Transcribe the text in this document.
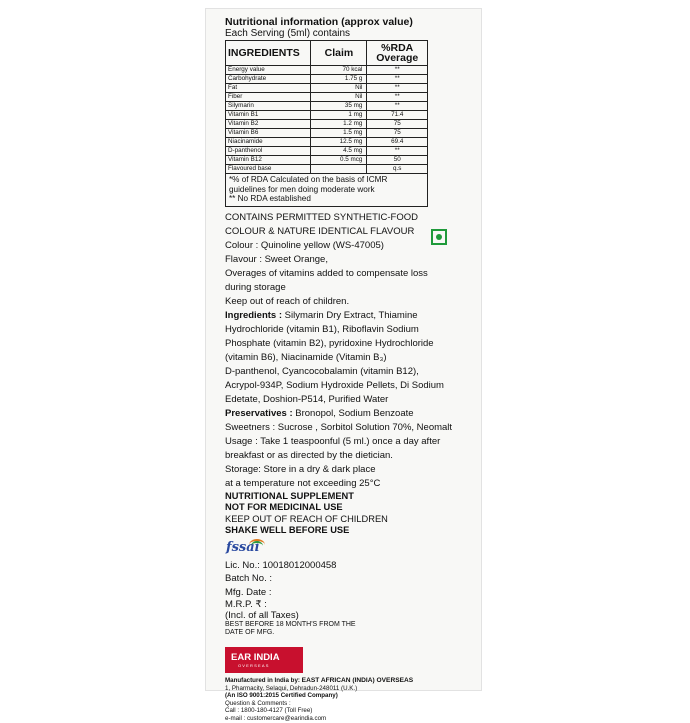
Nutritional information (approx value)
Each Serving (5ml) contains
INGREDIENTS	Claim	%RDA Overage
Energy value	70 kcal	**
Carbohydrate	1.75 g	**
Fat	Nil	**
Fiber	Nil	**
Silymarin	35 mg	**
Vitamin B1	1 mg	71.4
Vitamin B2	1.2 mg	75
Vitamin B6	1.5 mg	75
Niacinamide	12.5 mg	69.4
D-panthenol	4.5 mg	**
Vitamin B12	0.5 mcg	50
Flavoured base		q.s
*% of RDA Calculated on the basis of ICMR
guidelines for men doing moderate work
** No RDA established

CONTAINS PERMITTED SYNTHETIC-FOOD

COLOUR & NATURE IDENTICAL FLAVOUR

Colour : Quinoline yellow (WS-47005)

Flavour : Sweet Orange,

Overages of vitamins added to compensate loss

during storage

Keep out of reach of children.

Ingredients : Silymarin Dry Extract, Thiamine

Hydrochloride (vitamin B1), Riboflavin Sodium

Phosphate (vitamin B2), pyridoxine Hydrochloride

(vitamin B6), Niacinamide (Vitamin B₃)

D-panthenol, Cyancocobalamin (vitamin B12),

Acrypol-934P, Sodium Hydroxide Pellets, Di Sodium

Edetate, Doshion-P514, Purified Water

Preservatives : Bronopol, Sodium Benzoate

Sweetners : Sucrose , Sorbitol Solution 70%, Neomalt

Usage : Take 1 teaspoonful (5 ml.) once a day after

breakfast or as directed by the dietician.

Storage: Store in a dry & dark place

at a temperature not exceeding 25°C

NUTRITIONAL SUPPLEMENT
NOT FOR MEDICINAL USE
KEEP OUT OF REACH OF CHILDREN
SHAKE WELL BEFORE USE
fssai
Lic. No.: 10018012000458
Batch No. :
Mfg. Date :
M.R.P. ₹ :
(Incl. of all Taxes)
BEST BEFORE 18 MONTH'S FROM THE
DATE OF MFG.
EAR INDIA
OVERSEAS
Manufactured in India by: EAST AFRICAN (INDIA) OVERSEAS
1, Pharmacity, Selaqui, Dehradun-248011 (U.K.)
(An ISO 9001:2015 Certified Company)
Question & Comments :
Call : 1800-180-4127 (Toll Free)
e-mail : customercare@earindia.com
